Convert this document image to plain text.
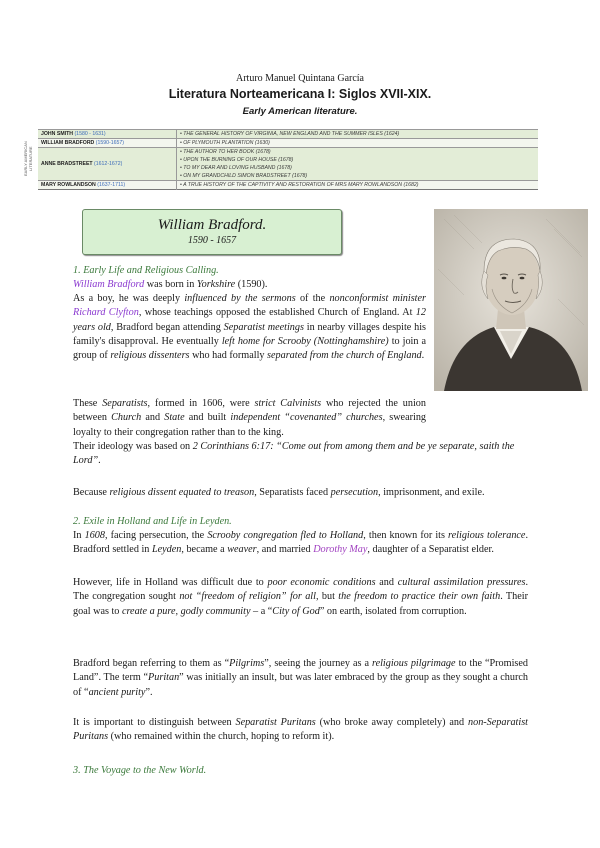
Arturo Manuel Quintana García
Literatura Norteamericana I: Siglos XVII-XIX.
Early American literature.
EARLY AMERICAN LITERATURE
JOHN SMITH (1580 - 1631)	• THE GENERAL HISTORY OF VIRGINIA, NEW ENGLAND AND THE SUMMER ISLES (1624)
WILLIAM BRADFORD (1590-1657)	• OF PLYMOUTH PLANTATION (1630)
ANNE BRADSTREET (1612-1672)	• THE AUTHOR TO HER BOOK (1678)
	• UPON THE BURNING OF OUR HOUSE (1678)
	• TO MY DEAR AND LOVING HUSBAND (1678)
	• ON MY GRANDCHILD SIMON BRADSTREET (1678)
MARY ROWLANDSON (1637-1711)	• A TRUE HISTORY OF THE CAPTIVITY AND RESTORATION OF MRS MARY ROWLANDSON (1682)
William Bradford.
1590 - 1657
1. Early Life and Religious Calling.
William Bradford was born in Yorkshire (1590).
As a boy, he was deeply influenced by the sermons of the nonconformist minister Richard Clyfton, whose teachings opposed the established Church of England. At 12 years old, Bradford began attending Separatist meetings in nearby villages despite his family's disapproval. He eventually left home for Scrooby (Nottinghamshire) to join a group of religious dissenters who had formally separated from the church of England.
These Separatists, formed in 1606, were strict Calvinists who rejected the union between Church and State and built independent “covenanted” churches, swearing loyalty to their congregation rather than to the king.
Their ideology was based on 2 Corinthians 6:17: “Come out from among them and be ye separate, saith the Lord”.
Because religious dissent equated to treason, Separatists faced persecution, imprisonment, and exile.
2. Exile in Holland and Life in Leyden.
In 1608, facing persecution, the Scrooby congregation fled to Holland, then known for its religious tolerance. Bradford settled in Leyden, became a weaver, and married Dorothy May, daughter of a Separatist elder.
However, life in Holland was difficult due to poor economic conditions and cultural assimilation pressures. The congregation sought not “freedom of religion” for all, but the freedom to practice their own faith. Their goal was to create a pure, godly community – a “City of God” on earth, isolated from corruption.
Bradford began referring to them as “Pilgrims”, seeing the journey as a religious pilgrimage to the “Promised Land”. The term “Puritan” was initially an insult, but was later embraced by the group as they sought a church of “ancient purity”.
It is important to distinguish between Separatist Puritans (who broke away completely) and non-Separatist Puritans (who remained within the church, hoping to reform it).
3. The Voyage to the New World.
